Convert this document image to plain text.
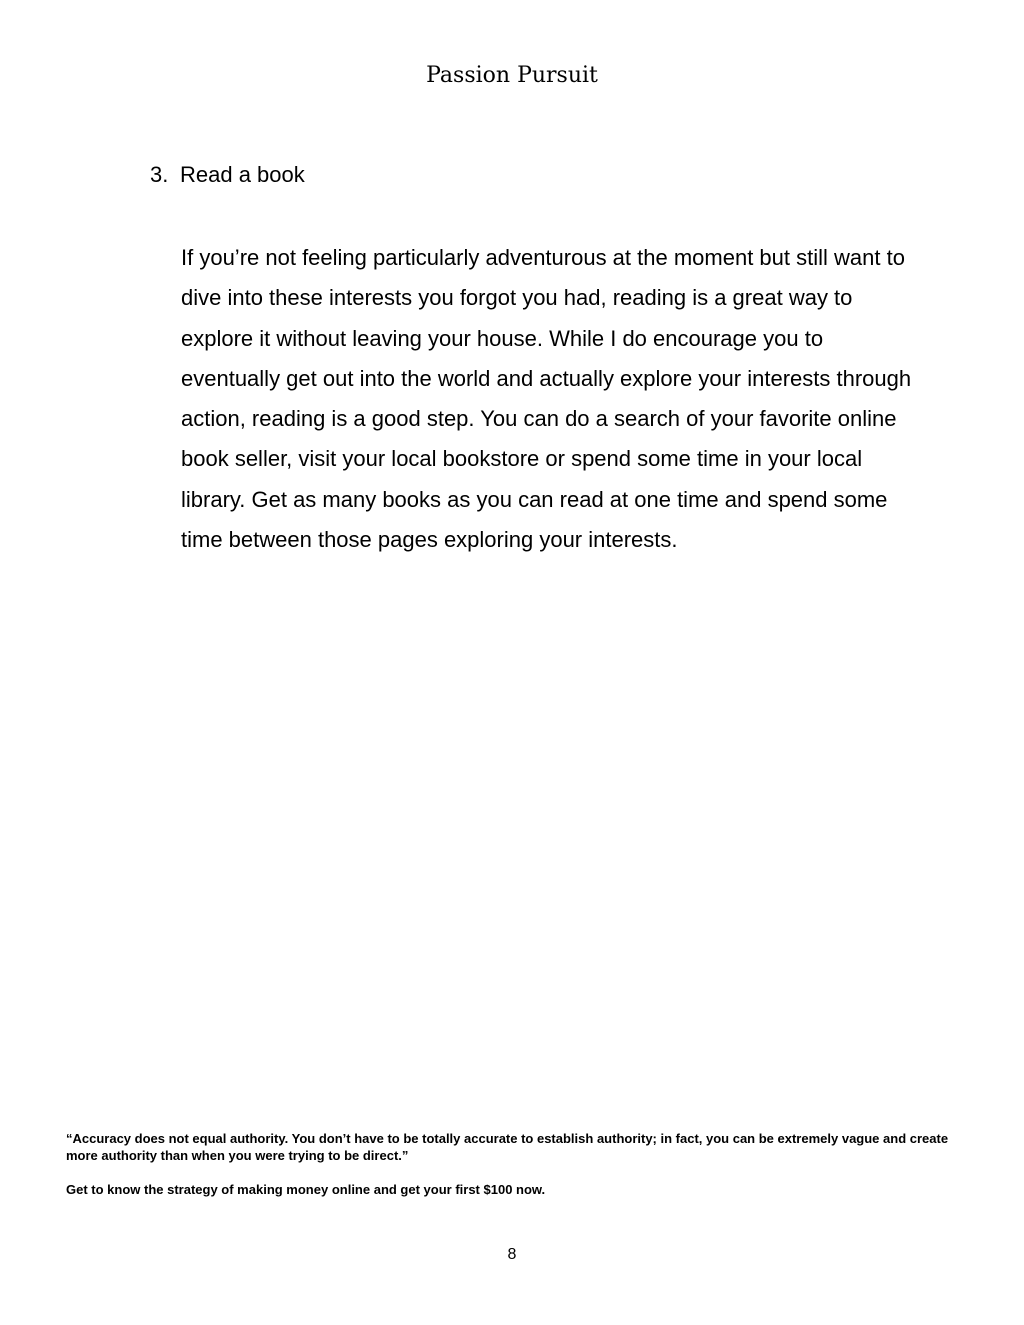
Passion Pursuit
3. Read a book
If you’re not feeling particularly adventurous at the moment but still want to dive into these interests you forgot you had, reading is a great way to explore it without leaving your house. While I do encourage you to eventually get out into the world and actually explore your interests through action, reading is a good step. You can do a search of your favorite online book seller, visit your local bookstore or spend some time in your local library. Get as many books as you can read at one time and spend some time between those pages exploring your interests.

“Accuracy does not equal authority. You don’t have to be totally accurate to establish authority; in fact, you can be extremely vague and create more authority than when you were trying to be direct.”

Get to know the strategy of making money online and get your first $100 now.

8
